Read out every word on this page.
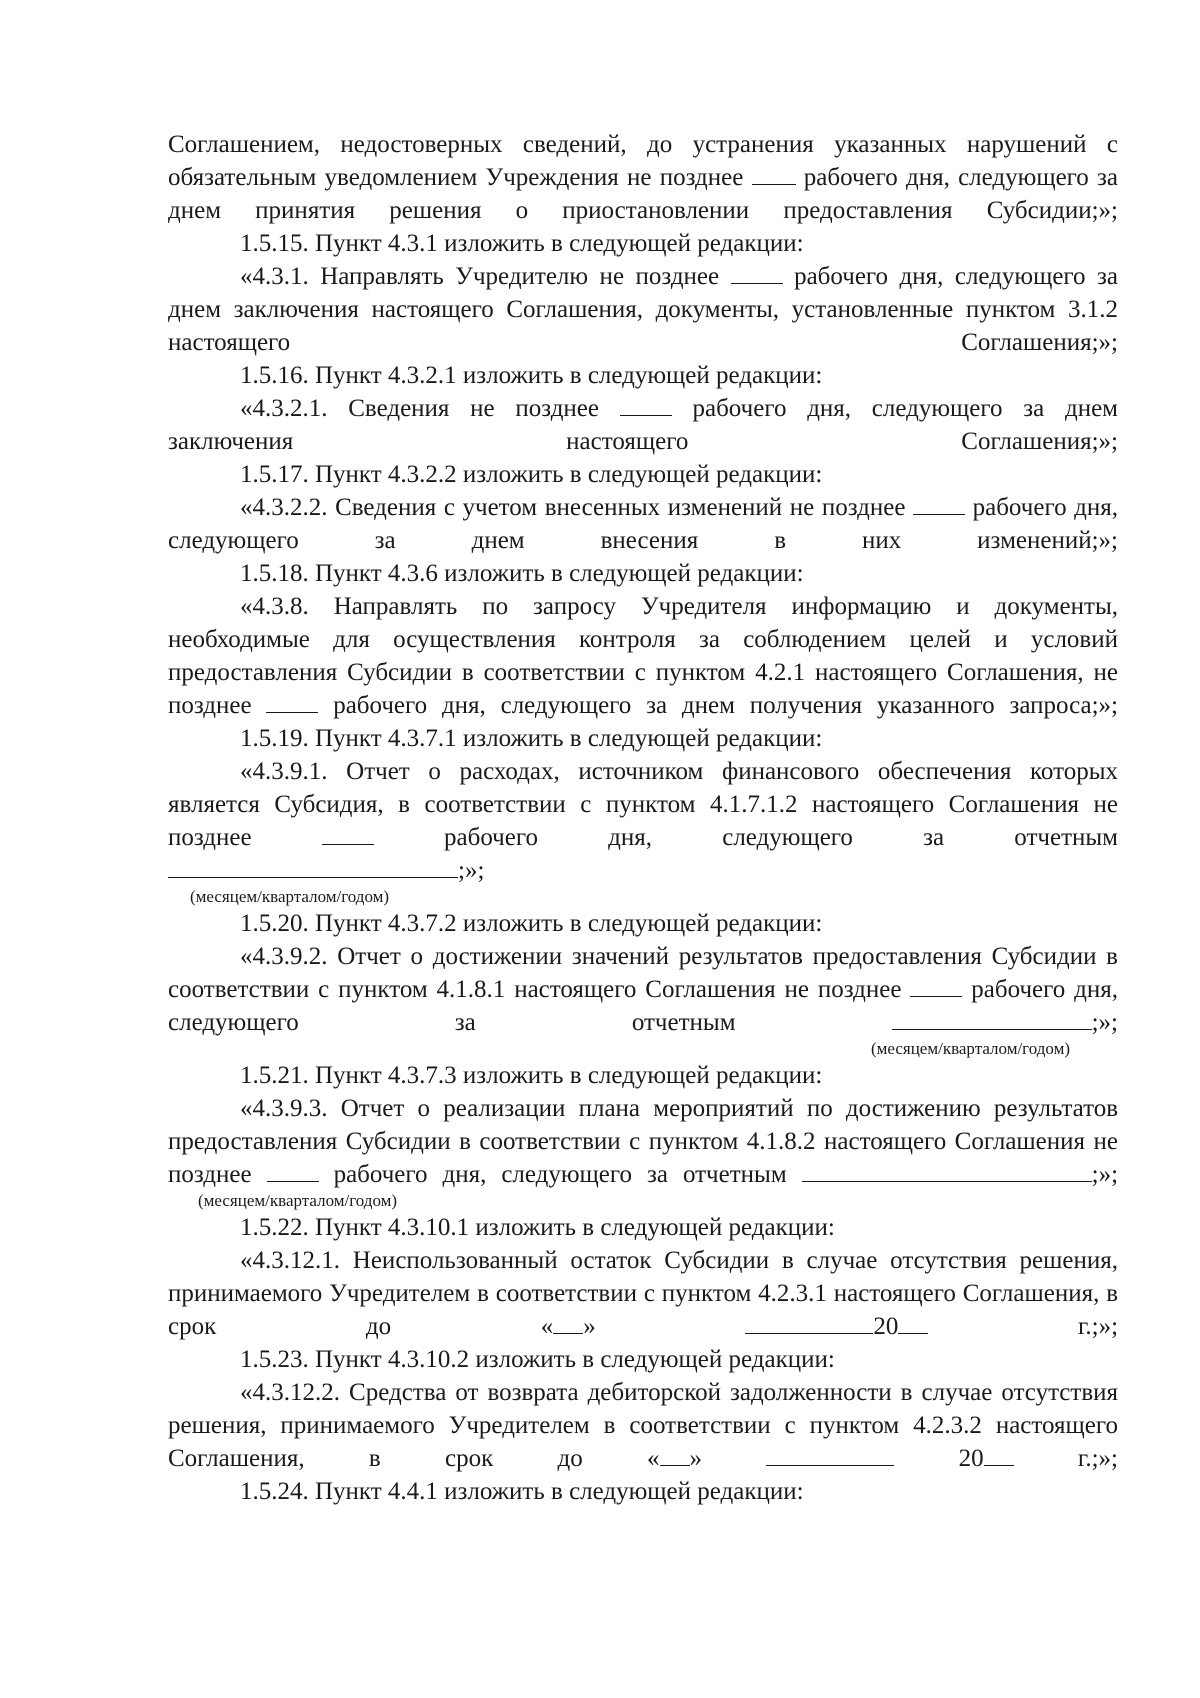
Соглашением, недостоверных сведений, до устранения указанных нарушений с обязательным уведомлением Учреждения не позднее рабочего дня, следующего за днем принятия решения о приостановлении предоставления Субсидии;»;

1.5.15. Пункт 4.3.1 изложить в следующей редакции:

«4.3.1. Направлять Учредителю не позднее	рабочего дня, следующего за днем заключения настоящего Соглашения, документы, установленные пунктом 3.1.2 настоящего Соглашения;»;

1.5.16. Пункт 4.3.2.1 изложить в следующей редакции:

«4.3.2.1. Сведения не позднее	рабочего дня, следующего за днем заключения настоящего Соглашения;»;

1.5.17. Пункт 4.3.2.2 изложить в следующей редакции:

«4.3.2.2. Сведения с учетом внесенных изменений не позднее	рабочего дня, следующего за днем внесения в них изменений;»;

1.5.18. Пункт 4.3.6 изложить в следующей редакции:

«4.3.8. Направлять по запросу Учредителя информацию и документы, необходимые для осуществления контроля за соблюдением целей и условий предоставления Субсидии в соответствии с пунктом 4.2.1 настоящего Соглашения, не позднее	рабочего дня, следующего за днем получения указанного запроса;»;

1.5.19. Пункт 4.3.7.1 изложить в следующей редакции:

«4.3.9.1. Отчет о расходах, источником финансового обеспечения которых является Субсидия, в соответствии с пунктом 4.1.7.1.2 настоящего Соглашения не позднее	рабочего дня, следующего за отчетным

;»;

(месяцем/кварталом/годом)

1.5.20. Пункт 4.3.7.2 изложить в следующей редакции:

«4.3.9.2. Отчет о достижении значений результатов предоставления Субсидии в соответствии с пунктом 4.1.8.1 настоящего Соглашения не позднее	рабочего дня, следующего за отчетным	;»;

(месяцем/кварталом/годом)

1.5.21. Пункт 4.3.7.3 изложить в следующей редакции:

«4.3.9.3. Отчет о реализации плана мероприятий по достижению результатов предоставления Субсидии в соответствии с пунктом 4.1.8.2 настоящего Соглашения не позднее	рабочего дня, следующего за отчетным	;»;

(месяцем/кварталом/годом)

1.5.22. Пункт 4.3.10.1 изложить в следующей редакции:

«4.3.12.1. Неиспользованный остаток Субсидии в случае отсутствия решения, принимаемого Учредителем в соответствии с пунктом 4.2.3.1 настоящего Соглашения, в срок до « »	20	г.;»;

1.5.23. Пункт 4.3.10.2 изложить в следующей редакции:

«4.3.12.2. Средства от возврата дебиторской задолженности в случае отсутствия решения, принимаемого Учредителем в соответствии с пунктом 4.2.3.2 настоящего Соглашения, в срок до « »	20	г.;»;

1.5.24. Пункт 4.4.1 изложить в следующей редакции:
